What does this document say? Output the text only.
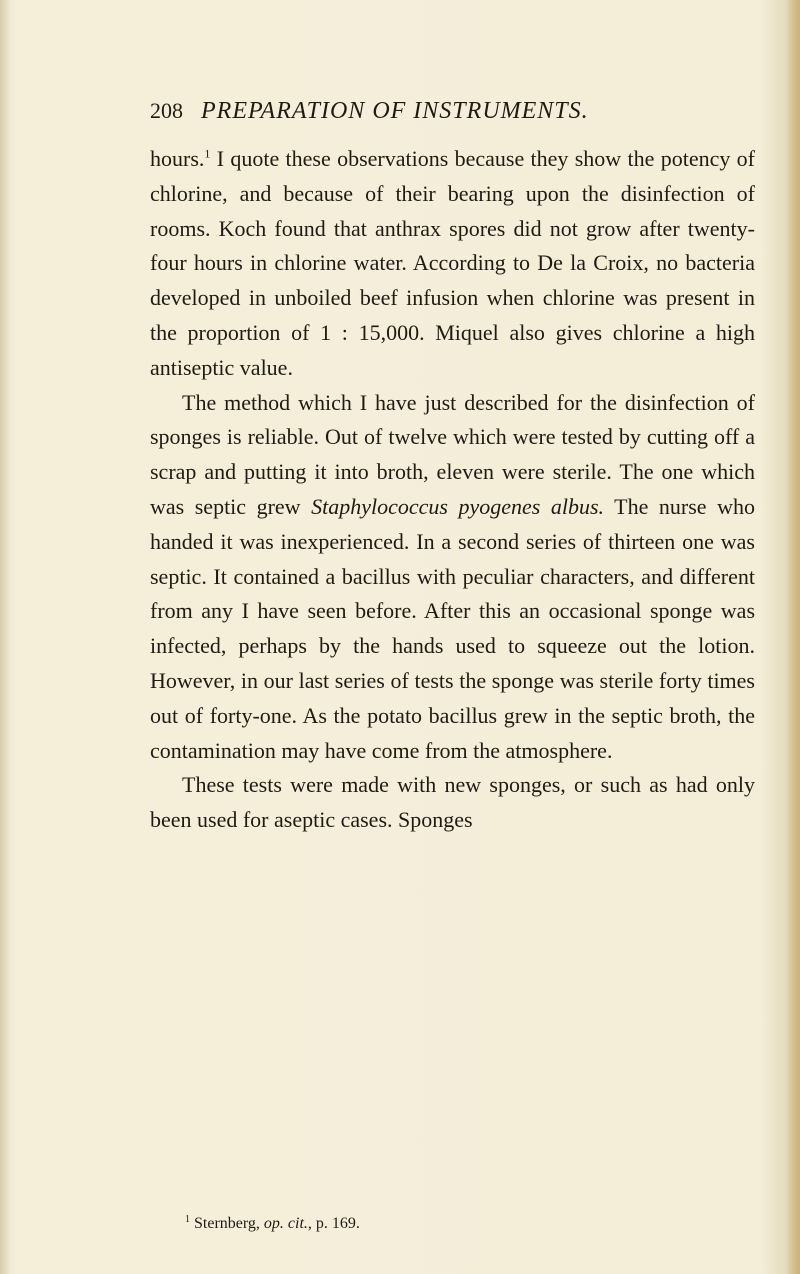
208 PREPARATION OF INSTRUMENTS.

hours.$^1$ I quote these observations because they show the potency of chlorine, and because of their bearing upon the disinfection of rooms. Koch found that anthrax spores did not grow after twenty-four hours in chlorine water. According to De la Croix, no bacteria developed in unboiled beef infusion when chlorine was present in the proportion of 1 : 15,000. Miquel also gives chlorine a high antiseptic value.

The method which I have just described for the disinfection of sponges is reliable. Out of twelve which were tested by cutting off a scrap and putting it into broth, eleven were sterile. The one which was septic grew Staphylococcus pyogenes albus. The nurse who handed it was inexperienced. In a second series of thirteen one was septic. It contained a bacillus with peculiar characters, and different from any I have seen before. After this an occasional sponge was infected, perhaps by the hands used to squeeze out the lotion. However, in our last series of tests the sponge was sterile forty times out of forty-one. As the potato bacillus grew in the septic broth, the contamination may have come from the atmosphere.

These tests were made with new sponges, or such as had only been used for aseptic cases. Sponges

$^1$ Sternberg, op. cit., p. 169.
